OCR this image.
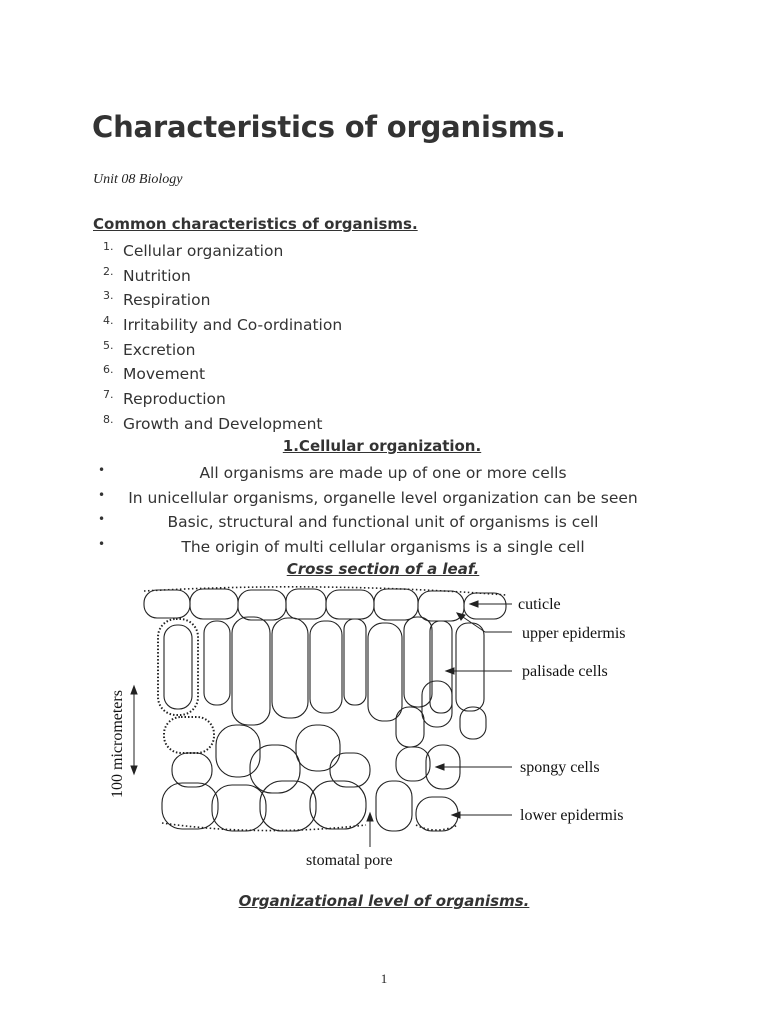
Characteristics of organisms.
Unit 08 Biology
Common characteristics of organisms.
1. Cellular organization
2. Nutrition
3. Respiration
4. Irritability and Co-ordination
5. Excretion
6. Movement
7. Reproduction
8. Growth and Development
1.Cellular organization.
•	All organisms are made up of one or more cells
• In unicellular organisms, organelle level organization can be seen
•	Basic, structural and functional unit of organisms is cell
•	The origin of multi cellular organisms is a single cell
Cross section of a leaf.
cuticle
upper epidermis
palisade cells
spongy cells
lower epidermis
stomatal pore
100 micrometers
Organizational level of organisms.
1
